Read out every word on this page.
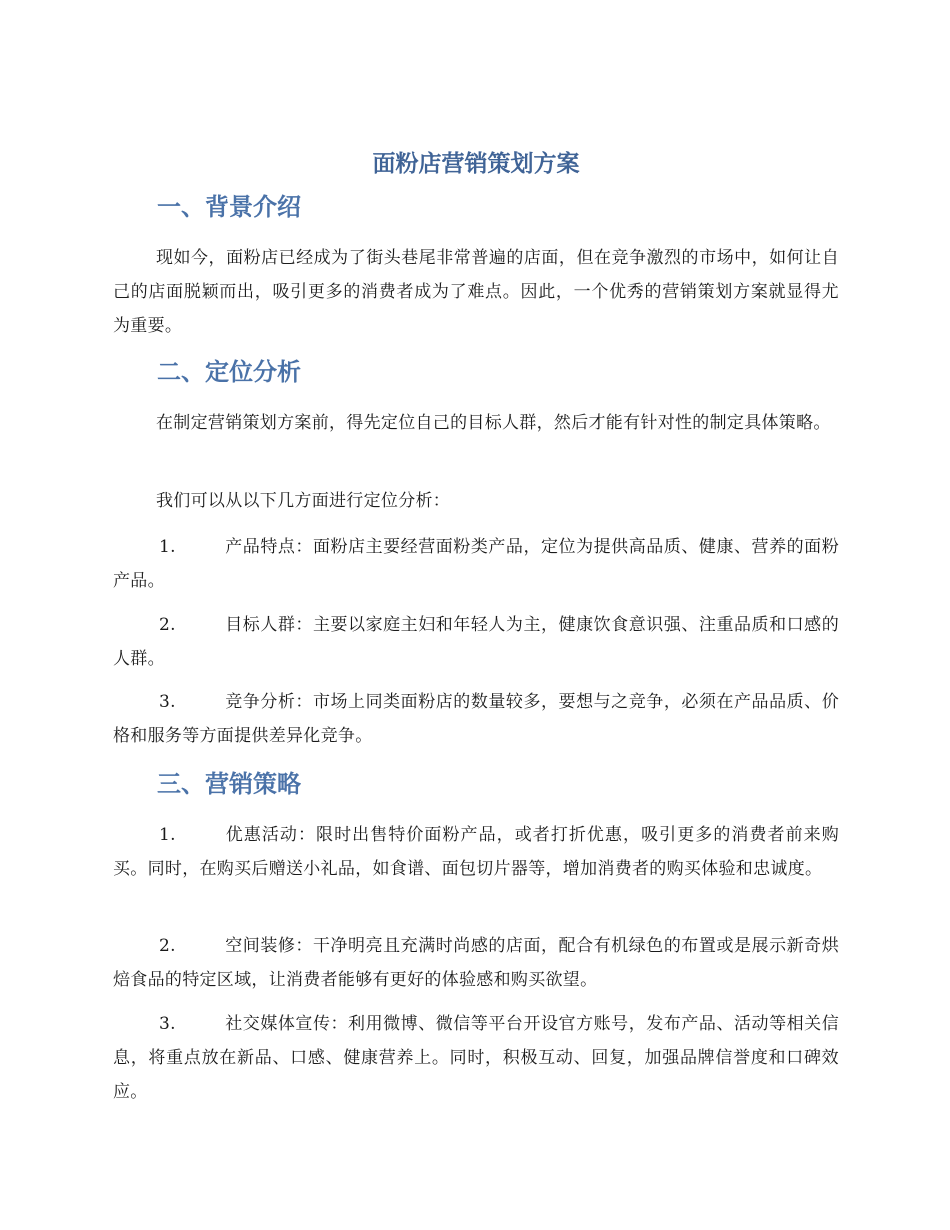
面粉店营销策划方案
一、背景介绍

现如今，面粉店已经成为了街头巷尾非常普遍的店面，但在竞争激烈的市场中，如何让自己的店面脱颖而出，吸引更多的消费者成为了难点。因此，一个优秀的营销策划方案就显得尤为重要。

二、定位分析

在制定营销策划方案前，得先定位自己的目标人群，然后才能有针对性的制定具体策略。

我们可以从以下几方面进行定位分析：

1.	产品特点：面粉店主要经营面粉类产品，定位为提供高品质、健康、营养的面粉产品。

2.	目标人群：主要以家庭主妇和年轻人为主，健康饮食意识强、注重品质和口感的人群。

3.	竞争分析：市场上同类面粉店的数量较多，要想与之竞争，必须在产品品质、价格和服务等方面提供差异化竞争。

三、营销策略

1.	优惠活动：限时出售特价面粉产品，或者打折优惠，吸引更多的消费者前来购买。同时，在购买后赠送小礼品，如食谱、面包切片器等，增加消费者的购买体验和忠诚度。

2.	空间装修：干净明亮且充满时尚感的店面，配合有机绿色的布置或是展示新奇烘焙食品的特定区域，让消费者能够有更好的体验感和购买欲望。

3.	社交媒体宣传：利用微博、微信等平台开设官方账号，发布产品、活动等相关信息，将重点放在新品、口感、健康营养上。同时，积极互动、回复，加强品牌信誉度和口碑效应。
